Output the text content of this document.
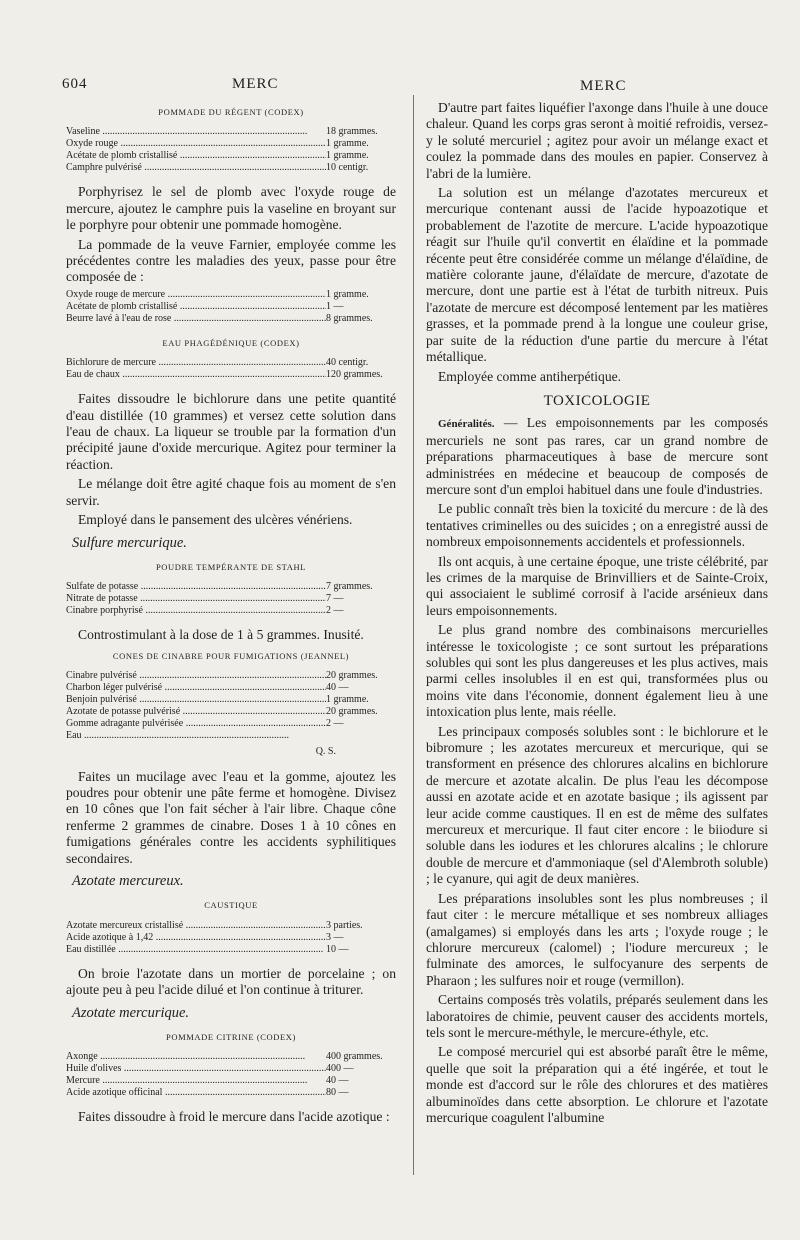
604	MERC	MERC
POMMADE DU RÉGENT (CODEX)
Vaseline .....	18 grammes.
Oxyde rouge .....	1 gramme.
Acétate de plomb cristallisé .....	1 gramme.
Camphre pulvérisé .....	10 centigr.

Porphyrisez le sel de plomb avec l'oxyde rouge de mercure, ajoutez le camphre puis la vaseline en broyant sur le porphyre pour obtenir une pommade homogène.

La pommade de la veuve Farnier, employée comme les précédentes contre les maladies des yeux, passe pour être composée de :

Oxyde rouge de mercure .....	1 gramme.
Acétate de plomb cristallisé .....	1 —
Beurre lavé à l'eau de rose .....	8 grammes.
EAU PHAGÉDÉNIQUE (CODEX)
Bichlorure de mercure .....	40 centigr.
Eau de chaux .....	120 grammes.

Faites dissoudre le bichlorure dans une petite quantité d'eau distillée (10 grammes) et versez cette solution dans l'eau de chaux. La liqueur se trouble par la formation d'un précipité jaune d'oxide mercurique. Agitez pour terminer la réaction.

Le mélange doit être agité chaque fois au moment de s'en servir.

Employé dans le pansement des ulcères vénériens.

Sulfure mercurique.
POUDRE TEMPÉRANTE DE STAHL
Sulfate de potasse .....	7 grammes.
Nitrate de potasse .....	7 —
Cinabre porphyrisé .....	2 —

Controstimulant à la dose de 1 à 5 grammes. Inusité.

CONES DE CINABRE POUR FUMIGATIONS (JEANNEL)
Cinabre pulvérisé .....	20 grammes.
Charbon léger pulvérisé .....	40 —
Benjoin pulvérisé .....	1 gramme.
Azotate de potasse pulvérisé .....	20 grammes.
Gomme adragante pulvérisée .....	2 —
Eau .....	
Q. S.

Faites un mucilage avec l'eau et la gomme, ajoutez les poudres pour obtenir une pâte ferme et homogène. Divisez en 10 cônes que l'on fait sécher à l'air libre. Chaque cône renferme 2 grammes de cinabre. Doses 1 à 10 cônes en fumigations générales contre les accidents syphilitiques secondaires.

Azotate mercureux.
CAUSTIQUE
Azotate mercureux cristallisé .....	3 parties.
Acide azotique à 1,42 .....	3 —
Eau distillée .....	10 —

On broie l'azotate dans un mortier de porcelaine ; on ajoute peu à peu l'acide dilué et l'on continue à triturer.

Azotate mercurique.
POMMADE CITRINE (CODEX)
Axonge .....	400 grammes.
Huile d'olives .....	400 —
Mercure .....	40 —
Acide azotique officinal .....	80 —

Faites dissoudre à froid le mercure dans l'acide azotique :

D'autre part faites liquéfier l'axonge dans l'huile à une douce chaleur. Quand les corps gras seront à moitié refroidis, versez-y le soluté mercuriel ; agitez pour avoir un mélange exact et coulez la pommade dans des moules en papier. Conservez à l'abri de la lumière.

La solution est un mélange d'azotates mercureux et mercurique contenant aussi de l'acide hypoazotique et probablement de l'azotite de mercure. L'acide hypoazotique réagit sur l'huile qu'il convertit en élaïdine et la pommade récente peut être considérée comme un mélange d'élaïdine, de matière colorante jaune, d'élaïdate de mercure, d'azotate de mercure, dont une partie est à l'état de turbith nitreux. Puis l'azotate de mercure est décomposé lentement par les matières grasses, et la pommade prend à la longue une couleur grise, par suite de la réduction d'une partie du mercure à l'état métallique.

Employée comme antiherpétique.

TOXICOLOGIE

Généralités. — Les empoisonnements par les composés mercuriels ne sont pas rares, car un grand nombre de préparations pharmaceutiques à base de mercure sont administrées en médecine et beaucoup de composés de mercure sont d'un emploi habituel dans une foule d'industries.

Le public connaît très bien la toxicité du mercure : de là des tentatives criminelles ou des suicides ; on a enregistré aussi de nombreux empoisonnements accidentels et professionnels.

Ils ont acquis, à une certaine époque, une triste célébrité, par les crimes de la marquise de Brinvilliers et de Sainte-Croix, qui associaient le sublimé corrosif à l'acide arsénieux dans leurs empoisonnements.

Le plus grand nombre des combinaisons mercurielles intéresse le toxicologiste ; ce sont surtout les préparations solubles qui sont les plus dangereuses et les plus actives, mais parmi celles insolubles il en est qui, transformées plus ou moins vite dans l'économie, donnent également lieu à une intoxication plus lente, mais réelle.

Les principaux composés solubles sont : le bichlorure et le bibromure ; les azotates mercureux et mercurique, qui se transforment en présence des chlorures alcalins en bichlorure de mercure et azotate alcalin. De plus l'eau les décompose aussi en azotate acide et en azotate basique ; ils agissent par leur acide comme caustiques. Il en est de même des sulfates mercureux et mercurique. Il faut citer encore : le biiodure si soluble dans les iodures et les chlorures alcalins ; le chlorure double de mercure et d'ammoniaque (sel d'Alembroth soluble) ; le cyanure, qui agit de deux manières.

Les préparations insolubles sont les plus nombreuses ; il faut citer : le mercure métallique et ses nombreux alliages (amalgames) si employés dans les arts ; l'oxyde rouge ; le chlorure mercureux (calomel) ; l'iodure mercureux ; le fulminate des amorces, le sulfocyanure des serpents de Pharaon ; les sulfures noir et rouge (vermillon).

Certains composés très volatils, préparés seulement dans les laboratoires de chimie, peuvent causer des accidents mortels, tels sont le mercure-méthyle, le mercure-éthyle, etc.

Le composé mercuriel qui est absorbé paraît être le même, quelle que soit la préparation qui a été ingérée, et tout le monde est d'accord sur le rôle des chlorures et des matières albuminoïdes dans cette absorption. Le chlorure et l'azotate mercurique coagulent l'albumine
